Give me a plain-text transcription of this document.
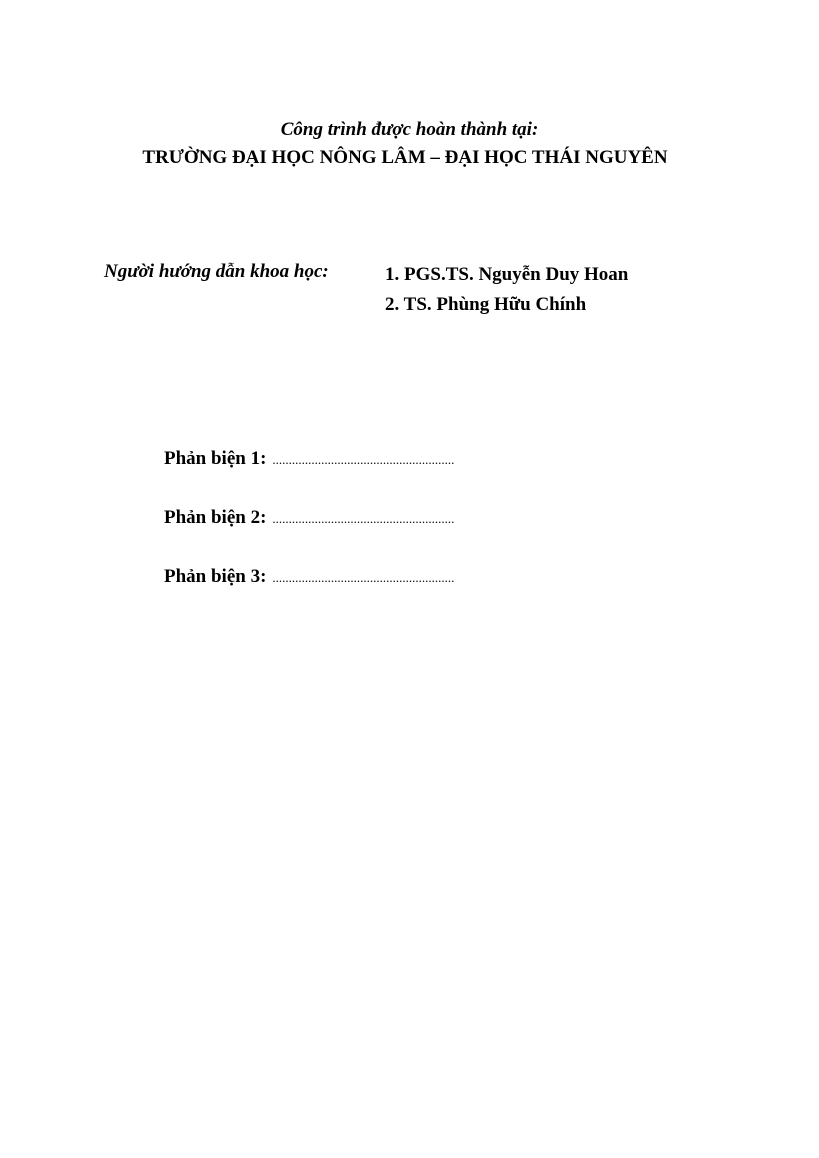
Công trình được hoàn thành tại:
TRƯỜNG ĐẠI HỌC NÔNG LÂM – ĐẠI HỌC THÁI NGUYÊN
Người hướng dẫn khoa học:	1. PGS.TS. Nguyễn Duy Hoan
2. TS. Phùng Hữu Chính
Phản biện 1: ........................................................
Phản biện 2: ........................................................
Phản biện 3: ........................................................
